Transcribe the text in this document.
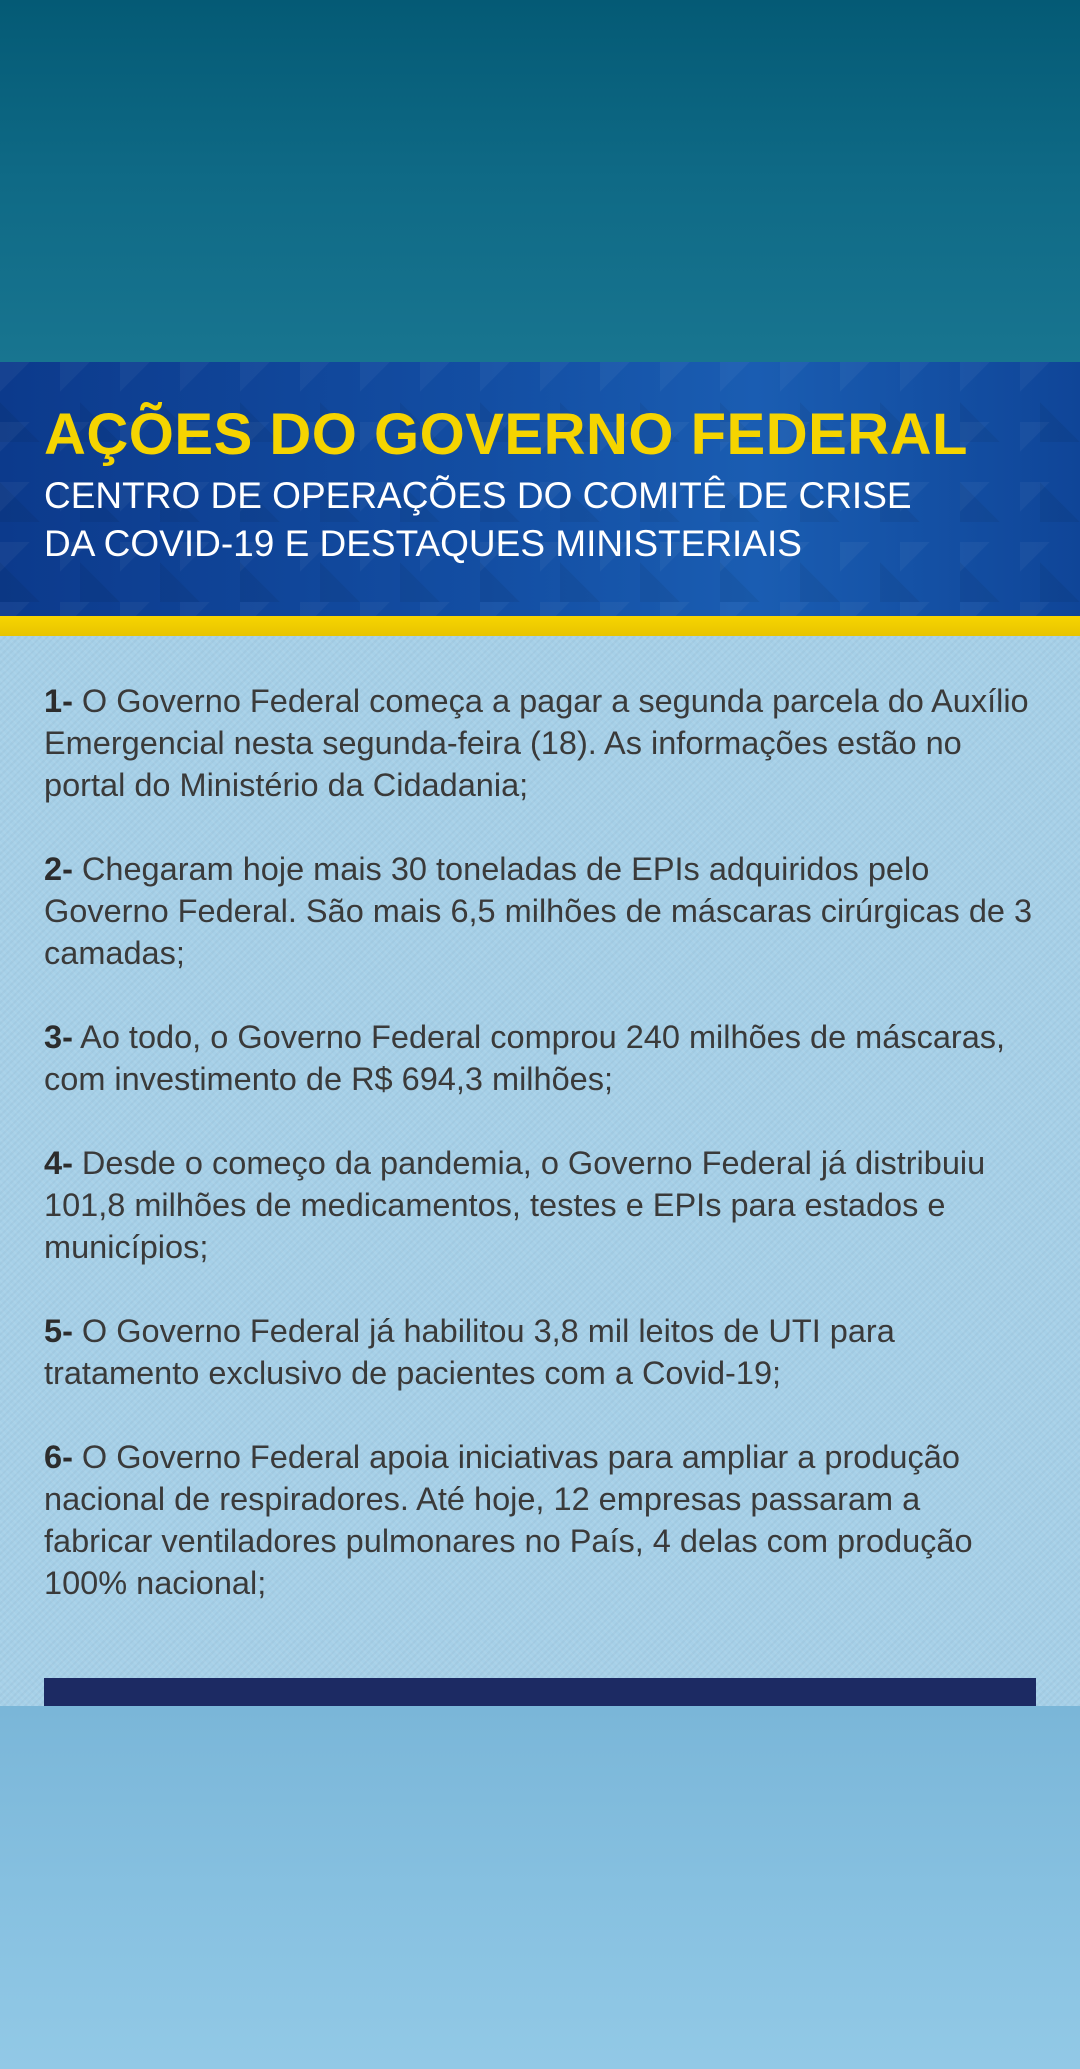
AÇÕES DO GOVERNO FEDERAL

CENTRO DE OPERAÇÕES DO COMITÊ DE CRISE
DA COVID-19 E DESTAQUES MINISTERIAIS

1- O Governo Federal começa a pagar a segunda parcela do Auxílio Emergencial nesta segunda-feira (18). As informações estão no portal do Ministério da Cidadania;

2- Chegaram hoje mais 30 toneladas de EPIs adquiridos pelo Governo Federal. São mais 6,5 milhões de máscaras cirúrgicas de 3 camadas;

3- Ao todo, o Governo Federal comprou 240 milhões de máscaras, com investimento de R$ 694,3 milhões;

4- Desde o começo da pandemia, o Governo Federal já distribuiu 101,8 milhões de medicamentos, testes e EPIs para estados e municípios;

5- O Governo Federal já habilitou 3,8 mil leitos de UTI para tratamento exclusivo de pacientes com a Covid-19;

6- O Governo Federal apoia iniciativas para ampliar a produção nacional de respiradores. Até hoje, 12 empresas passaram a fabricar ventiladores pulmonares no País, 4 delas com produção 100% nacional;
